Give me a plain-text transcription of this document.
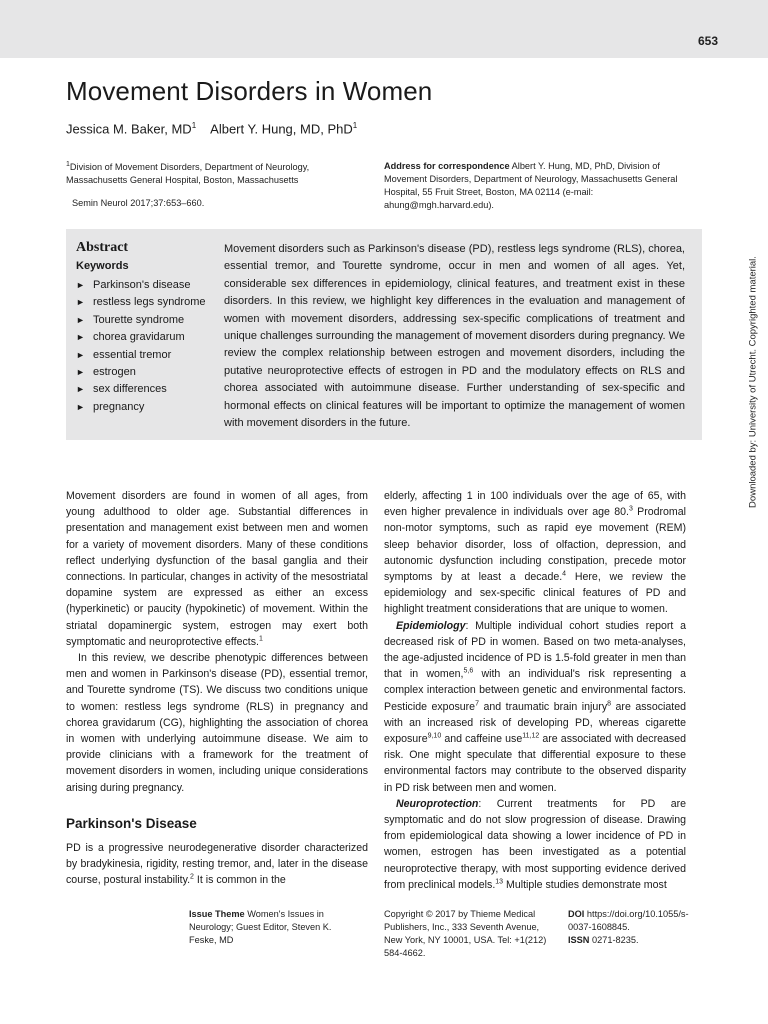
653
Movement Disorders in Women
Jessica M. Baker, $MD^1$ Albert Y. Hung, MD, PhD$^1$
$^1$Division of Movement Disorders, Department of Neurology, Massachusetts General Hospital, Boston, Massachusetts
Semin Neurol 2017;37:653–660.
Address for correspondence Albert Y. Hung, MD, PhD, Division of Movement Disorders, Department of Neurology, Massachusetts General Hospital, 55 Fruit Street, Boston, MA 02114 (e-mail: ahung@mgh.harvard.edu).
Abstract
Keywords
► Parkinson's disease
► restless legs syndrome
► Tourette syndrome
► chorea gravidarum
► essential tremor
► estrogen
► sex differences
► pregnancy
Movement disorders such as Parkinson's disease (PD), restless legs syndrome (RLS), chorea, essential tremor, and Tourette syndrome, occur in men and women of all ages. Yet, considerable sex differences in epidemiology, clinical features, and treatment exist in these disorders. In this review, we highlight key differences in the evaluation and management of women with movement disorders, addressing sex-specific complications of treatment and unique challenges surrounding the management of movement disorders during pregnancy. We review the complex relationship between estrogen and movement disorders, including the putative neuroprotective effects of estrogen in PD and the modulatory effects on RLS and chorea associated with autoimmune disease. Further understanding of sex-specific and hormonal effects on clinical features will be important to optimize the management of women with movement disorders in the future.

Movement disorders are found in women of all ages, from young adulthood to older age. Substantial differences in presentation and management exist between men and women for a variety of movement disorders. Many of these conditions reflect underlying dysfunction of the basal ganglia and their connections. In particular, changes in activity of the mesostriatal dopamine system are expressed as either an excess (hyperkinetic) or paucity (hypokinetic) of movement. Within the striatal dopaminergic system, estrogen may exert both symptomatic and neuroprotective effects.$^1$

In this review, we describe phenotypic differences between men and women in Parkinson's disease (PD), essential tremor, and Tourette syndrome (TS). We discuss two conditions unique to women: restless legs syndrome (RLS) in pregnancy and chorea gravidarum (CG), highlighting the association of chorea in women with underlying autoimmune disease. We aim to provide clinicians with a framework for the treatment of movement disorders in women, including unique considerations arising during pregnancy.

Parkinson's Disease

PD is a progressive neurodegenerative disorder characterized by bradykinesia, rigidity, resting tremor, and, later in the disease course, postural instability.$^2$ It is common in the

elderly, affecting 1 in 100 individuals over the age of 65, with even higher prevalence in individuals over age 80.$^3$ Prodromal non-motor symptoms, such as rapid eye movement (REM) sleep behavior disorder, loss of olfaction, depression, and autonomic dysfunction including constipation, precede motor symptoms by at least a decade.$^4$ Here, we review the epidemiology and sex-specific clinical features of PD and highlight treatment considerations that are unique to women.

Epidemiology: Multiple individual cohort studies report a decreased risk of PD in women. Based on two meta-analyses, the age-adjusted incidence of PD is 1.5-fold greater in men than that in women,$^{5,6}$ with an individual's risk representing a complex interaction between genetic and environmental factors. Pesticide exposure$^7$ and traumatic brain injury$^8$ are associated with an increased risk of developing PD, whereas cigarette exposure$^{9,10}$ and caffeine use$^{11,12}$ are associated with decreased risk. One might speculate that differential exposure to these environmental factors may contribute to the observed disparity in PD risk between men and women.

Neuroprotection: Current treatments for PD are symptomatic and do not slow progression of disease. Drawing from epidemiological data showing a lower incidence of PD in women, estrogen has been investigated as a potential neuroprotective therapy, with most supporting evidence derived from preclinical models.$^{13}$ Multiple studies demonstrate most

Issue Theme Women's Issues in Neurology; Guest Editor, Steven K. Feske, MD
Copyright © 2017 by Thieme Medical Publishers, Inc., 333 Seventh Avenue, New York, NY 10001, USA. Tel: +1(212) 584-4662.
DOI https://doi.org/10.1055/s-0037-1608845.
ISSN 0271-8235.
Downloaded by: University of Utrecht. Copyrighted material.
